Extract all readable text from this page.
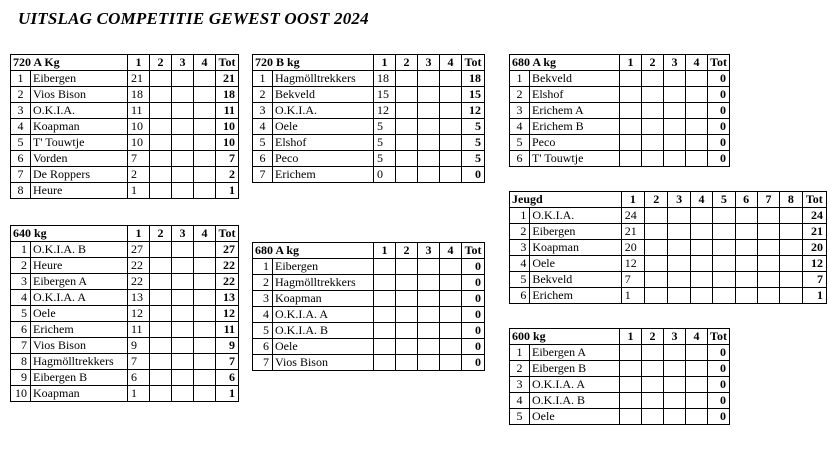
UITSLAG COMPETITIE GEWEST OOST 2024
720 A Kg		1	2	3	4	Tot
1	Eibergen	21				21
2	Vios Bison	18				18
3	O.K.I.A.	11				11
4	Koapman	10				10
5	T' Touwtje	10				10
6	Vorden	7				7
7	De Roppers	2				2
8	Heure	1				1
720 B kg		1	2	3	4	Tot
1	Hagmölltrekkers	18				18
2	Bekveld	15				15
3	O.K.I.A.	12				12
4	Oele	5				5
5	Elshof	5				5
6	Peco	5				5
7	Erichem	0				0
680 A kg		1	2	3	4	Tot
1	Bekveld					0
2	Elshof					0
3	Erichem A					0
4	Erichem B					0
5	Peco					0
6	T' Touwtje					0
640 kg		1	2	3	4	Tot
1	O.K.I.A. B	27				27
2	Heure	22				22
3	Eibergen A	22				22
4	O.K.I.A. A	13				13
5	Oele	12				12
6	Erichem	11				11
7	Vios Bison	9				9
8	Hagmölltrekkers	7				7
9	Eibergen B	6				6
10	Koapman	1				1
680 A kg		1	2	3	4	Tot
1	Eibergen					0
2	Hagmölltrekkers					0
3	Koapman					0
4	O.K.I.A. A					0
5	O.K.I.A. B					0
6	Oele					0
7	Vios Bison					0
Jeugd		1	2	3	4	5	6	7	8	Tot
1	O.K.I.A.	24								24
2	Eibergen	21								21
3	Koapman	20								20
4	Oele	12								12
5	Bekveld	7								7
6	Erichem	1								1
600 kg		1	2	3	4	Tot
1	Eibergen A					0
2	Eibergen B					0
3	O.K.I.A. A					0
4	O.K.I.A. B					0
5	Oele					0
